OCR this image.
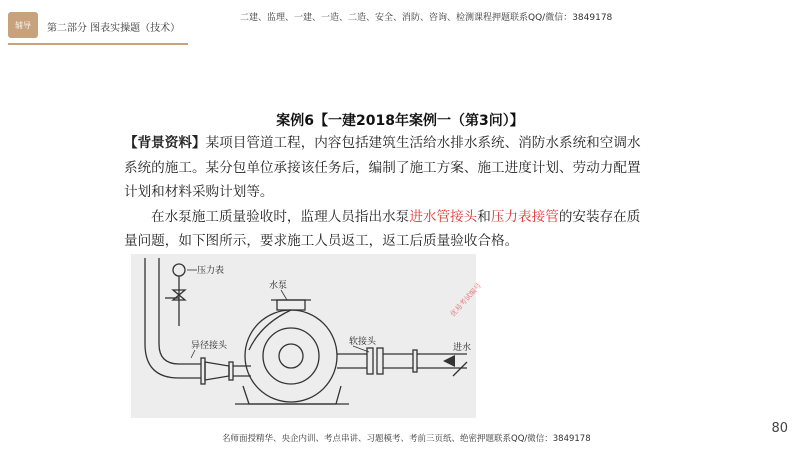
辅导 第二部分 图表实操题（技术）
二建、监理、一建、一造、二造、安全、消防、咨询、检测课程押题联系QQ/微信：3849178
案例6【一建2018年案例一（第3问）】

【背景资料】某项目管道工程，内容包括建筑生活给水排水系统、消防水系统和空调水系统的施工。某分包单位承接该任务后，编制了施工方案、施工进度计划、劳动力配置计划和材料采购计划等。

在水泵施工质量验收时，监理人员指出水泵进水管接头和压力表接管的安装存在质量问题，如下图所示，要求施工人员返工，返工后质量验收合格。

压力表
水泵
异径接头	软接头
进水
优易考试编号
80
名师面授精华、央企内训、考点串讲、习题模考、考前三页纸、绝密押题联系QQ/微信：3849178
